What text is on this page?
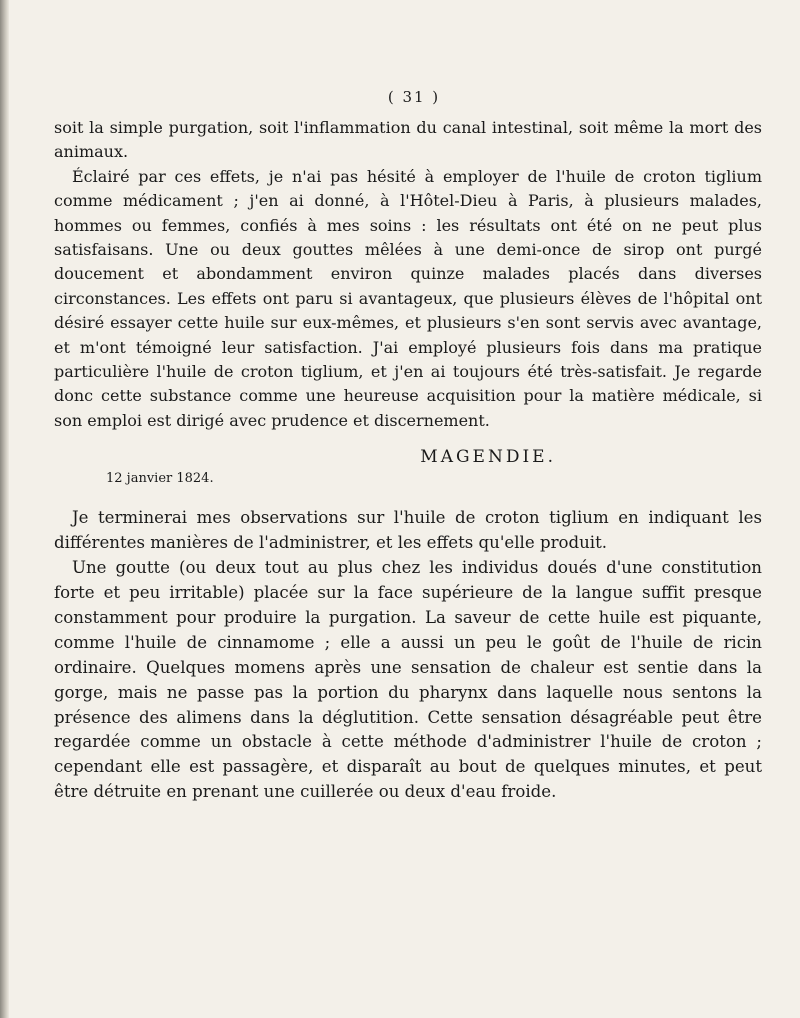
( 31 )

soit la simple purgation, soit l'inflammation du canal intestinal, soit même la mort des animaux.

Éclairé par ces effets, je n'ai pas hésité à employer de l'huile de croton tiglium comme médicament ; j'en ai donné, à l'Hôtel-Dieu à Paris, à plusieurs malades, hommes ou femmes, confiés à mes soins : les résultats ont été on ne peut plus satisfaisans. Une ou deux gouttes mêlées à une demi-once de sirop ont purgé doucement et abondamment environ quinze malades placés dans diverses circonstances. Les effets ont paru si avantageux, que plusieurs élèves de l'hôpital ont désiré essayer cette huile sur eux-mêmes, et plusieurs s'en sont servis avec avantage, et m'ont témoigné leur satisfaction. J'ai employé plusieurs fois dans ma pratique particulière l'huile de croton tiglium, et j'en ai toujours été très-satisfait. Je regarde donc cette substance comme une heureuse acquisition pour la matière médicale, si son emploi est dirigé avec prudence et discernement.

MAGENDIE.
12 janvier 1824.

Je terminerai mes observations sur l'huile de croton tiglium en indiquant les différentes manières de l'administrer, et les effets qu'elle produit.

Une goutte (ou deux tout au plus chez les individus doués d'une constitution forte et peu irritable) placée sur la face supérieure de la langue suffit presque constamment pour produire la purgation. La saveur de cette huile est piquante, comme l'huile de cinnamome ; elle a aussi un peu le goût de l'huile de ricin ordinaire. Quelques momens après une sensation de chaleur est sentie dans la gorge, mais ne passe pas la portion du pharynx dans laquelle nous sentons la présence des alimens dans la déglutition. Cette sensation désagréable peut être regardée comme un obstacle à cette méthode d'administrer l'huile de croton ; cependant elle est passagère, et disparaît au bout de quelques minutes, et peut être détruite en prenant une cuillerée ou deux d'eau froide.
